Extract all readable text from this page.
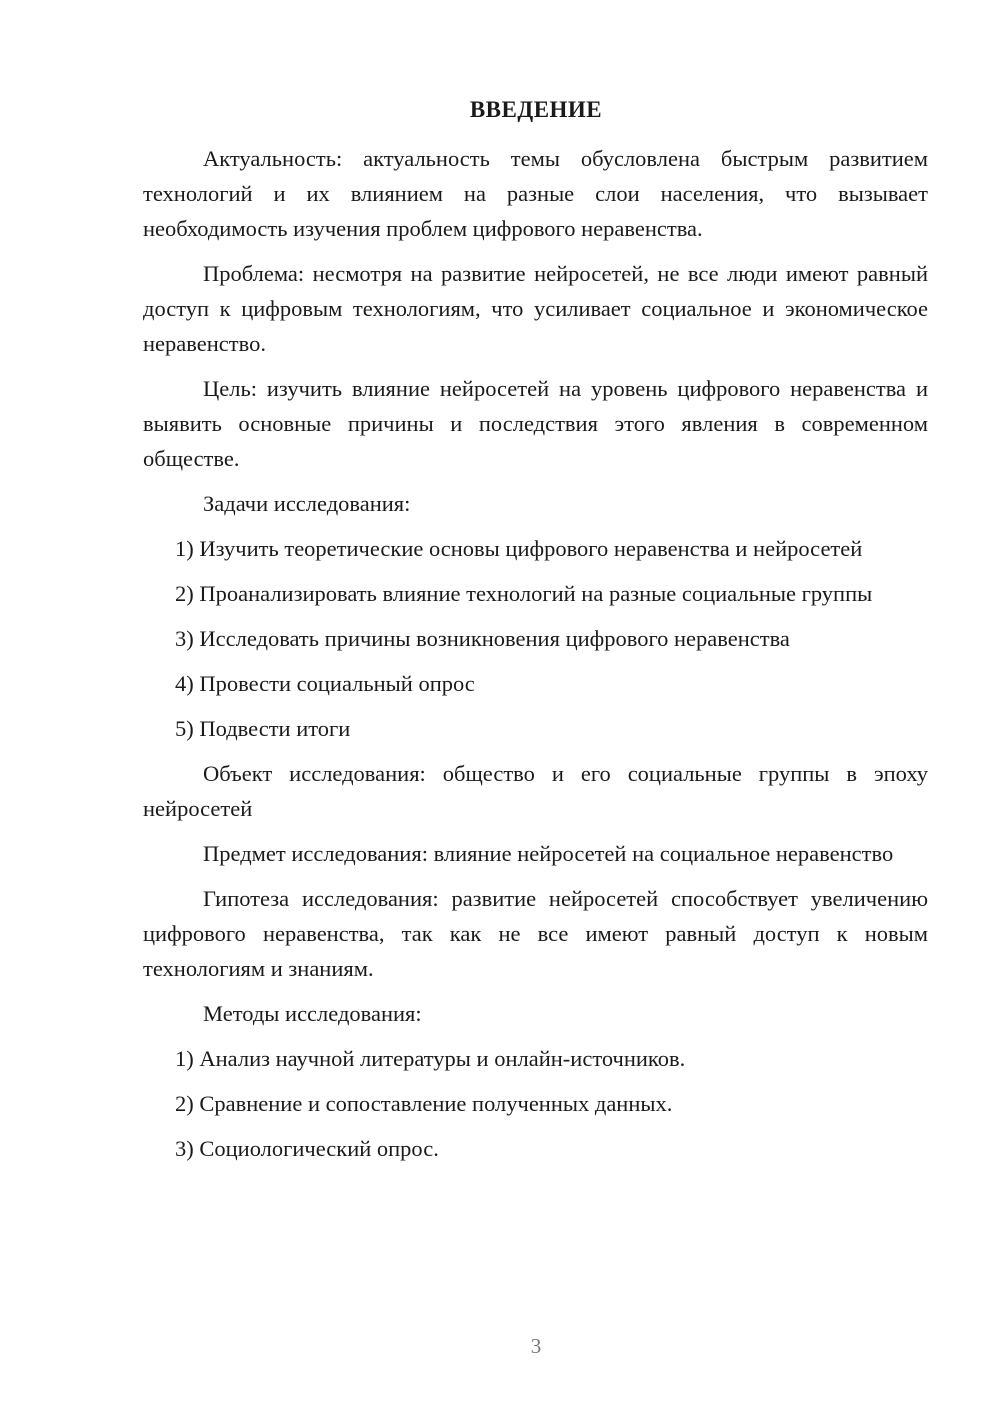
ВВЕДЕНИЕ

Актуальность: актуальность темы обусловлена быстрым развитием технологий и их влиянием на разные слои населения, что вызывает необходимость изучения проблем цифрового неравенства.

Проблема: несмотря на развитие нейросетей, не все люди имеют равный доступ к цифровым технологиям, что усиливает социальное и экономическое неравенство.

Цель: изучить влияние нейросетей на уровень цифрового неравенства и выявить основные причины и последствия этого явления в современном обществе.

Задачи исследования:

1) Изучить теоретические основы цифрового неравенства и нейросетей

2) Проанализировать влияние технологий на разные социальные группы

3) Исследовать причины возникновения цифрового неравенства

4) Провести социальный опрос

5) Подвести итоги

Объект исследования: общество и его социальные группы в эпоху нейросетей

Предмет исследования: влияние нейросетей на социальное неравенство

Гипотеза исследования: развитие нейросетей способствует увеличению цифрового неравенства, так как не все имеют равный доступ к новым технологиям и знаниям.

Методы исследования:

1) Анализ научной литературы и онлайн-источников.

2) Сравнение и сопоставление полученных данных.

3) Социологический опрос.

3
